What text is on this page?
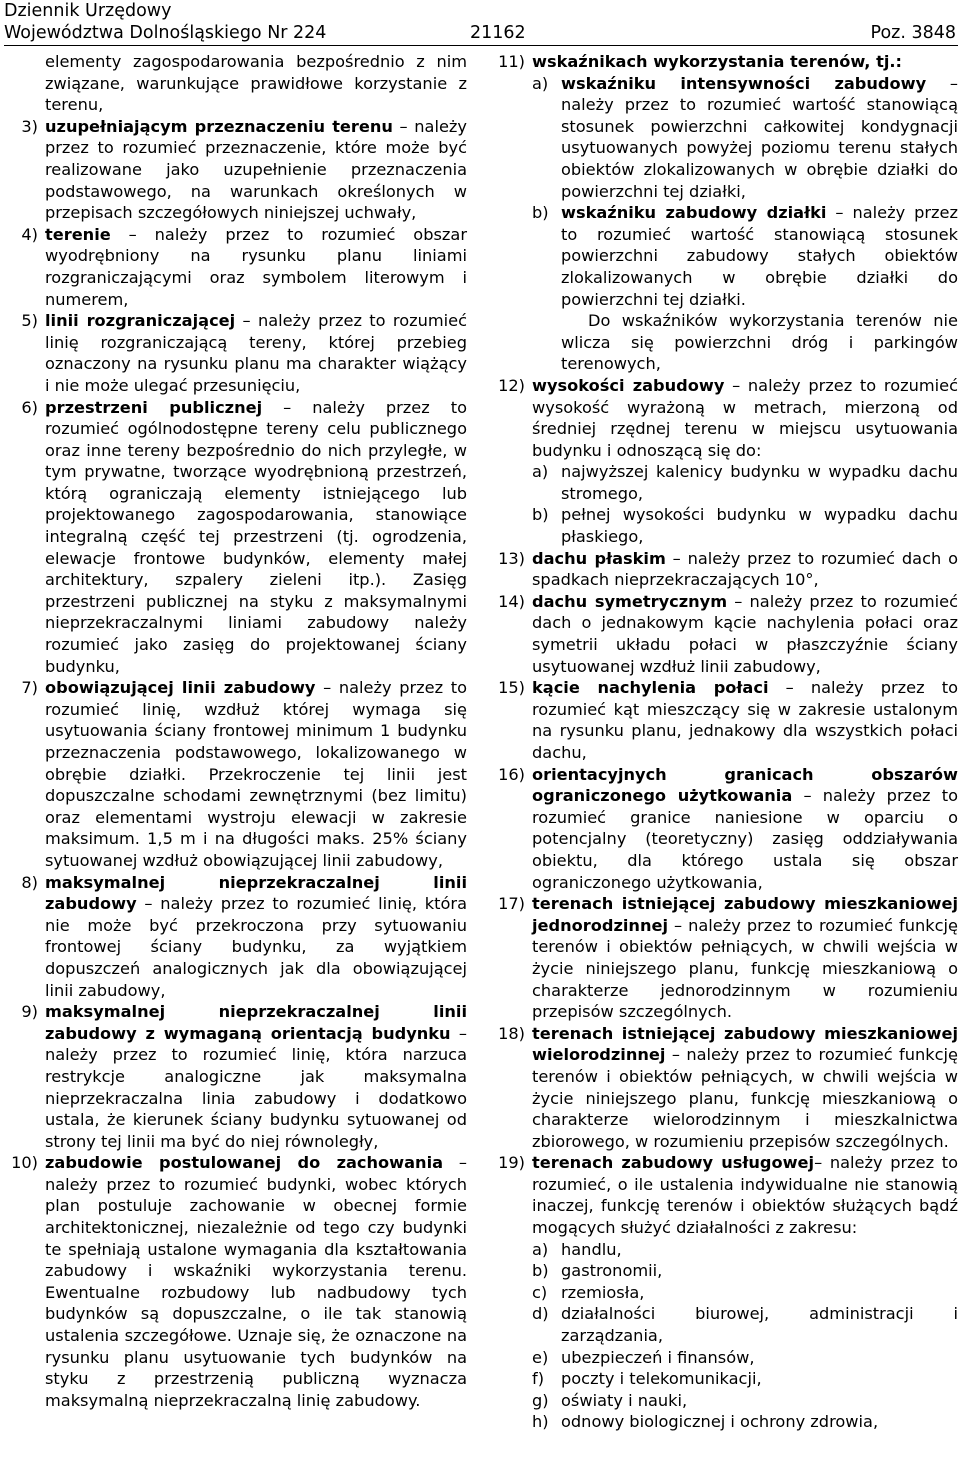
Dziennik Urzędowy
Województwa Dolnośląskiego Nr 224	21162	Poz. 3848

elementy zagospodarowania bezpośrednio z nim związane, warunkujące prawidłowe korzystanie z terenu,

3) uzupełniającym przeznaczeniu terenu – należy przez to rozumieć przeznaczenie, które może być realizowane jako uzupełnienie przeznaczenia podstawowego, na warunkach określonych w przepisach szczegółowych niniejszej uchwały,
4) terenie – należy przez to rozumieć obszar wyodrębniony na rysunku planu liniami rozgraniczającymi oraz symbolem literowym i numerem,
5) linii rozgraniczającej – należy przez to rozumieć linię rozgraniczającą tereny, której przebieg oznaczony na rysunku planu ma charakter wiążący i nie może ulegać przesunięciu,
6) przestrzeni publicznej – należy przez to rozumieć ogólnodostępne tereny celu publicznego oraz inne tereny bezpośrednio do nich przyległe, w tym prywatne, tworzące wyodrębnioną przestrzeń, którą ograniczają elementy istniejącego lub projektowanego zagospodarowania, stanowiące integralną część tej przestrzeni (tj. ogrodzenia, elewacje frontowe budynków, elementy małej architektury, szpalery zieleni itp.). Zasięg przestrzeni publicznej na styku z maksymalnymi nieprzekraczalnymi liniami zabudowy należy rozumieć jako zasięg do projektowanej ściany budynku,
7) obowiązującej linii zabudowy – należy przez to rozumieć linię, wzdłuż której wymaga się usytuowania ściany frontowej minimum 1 budynku przeznaczenia podstawowego, lokalizowanego w obrębie działki. Przekroczenie tej linii jest dopuszczalne schodami zewnętrznymi (bez limitu) oraz elementami wystroju elewacji w zakresie maksimum. 1,5 m i na długości maks. 25% ściany sytuowanej wzdłuż obowiązującej linii zabudowy,
8) maksymalnej nieprzekraczalnej linii zabudowy – należy przez to rozumieć linię, która nie może być przekroczona przy sytuowaniu frontowej ściany budynku, za wyjątkiem dopuszczeń analogicznych jak dla obowiązującej linii zabudowy,
9) maksymalnej nieprzekraczalnej linii zabudowy z wymaganą orientacją budynku – należy przez to rozumieć linię, która narzuca restrykcje analogiczne jak maksymalna nieprzekraczalna linia zabudowy i dodatkowo ustala, że kierunek ściany budynku sytuowanej od strony tej linii ma być do niej równoległy,
10) zabudowie postulowanej do zachowania – należy przez to rozumieć budynki, wobec których plan postuluje zachowanie w obecnej formie architektonicznej, niezależnie od tego czy budynki te spełniają ustalone wymagania dla kształtowania zabudowy i wskaźniki wykorzystania terenu. Ewentualne rozbudowy lub nadbudowy tych budynków są dopuszczalne, o ile tak stanowią ustalenia szczegółowe. Uznaje się, że oznaczone na rysunku planu usytuowanie tych budynków na styku z przestrzenią publiczną wyznacza maksymalną nieprzekraczalną linię zabudowy.
11) wskaźnikach wykorzystania terenów, tj.:
a) wskaźniku intensywności zabudowy – należy przez to rozumieć wartość stanowiącą stosunek powierzchni całkowitej kondygnacji usytuowanych powyżej poziomu terenu stałych obiektów zlokalizowanych w obrębie działki do powierzchni tej działki,
b) wskaźniku zabudowy działki – należy przez to rozumieć wartość stanowiącą stosunek powierzchni zabudowy stałych obiektów zlokalizowanych w obrębie działki do powierzchni tej działki.

Do wskaźników wykorzystania terenów nie wlicza się powierzchni dróg i parkingów terenowych,

12) wysokości zabudowy – należy przez to rozumieć wysokość wyrażoną w metrach, mierzoną od średniej rzędnej terenu w miejscu usytuowania budynku i odnoszącą się do:
a) najwyższej kalenicy budynku w wypadku dachu stromego,
b) pełnej wysokości budynku w wypadku dachu płaskiego,
13) dachu płaskim – należy przez to rozumieć dach o spadkach nieprzekraczających 10°,
14) dachu symetrycznym – należy przez to rozumieć dach o jednakowym kącie nachylenia połaci oraz symetrii układu połaci w płaszczyźnie ściany usytuowanej wzdłuż linii zabudowy,
15) kącie nachylenia połaci – należy przez to rozumieć kąt mieszczący się w zakresie ustalonym na rysunku planu, jednakowy dla wszystkich połaci dachu,
16) orientacyjnych granicach obszarów ograniczonego użytkowania – należy przez to rozumieć granice naniesione w oparciu o potencjalny (teoretyczny) zasięg oddziaływania obiektu, dla którego ustala się obszar ograniczonego użytkowania,
17) terenach istniejącej zabudowy mieszkaniowej jednorodzinnej – należy przez to rozumieć funkcję terenów i obiektów pełniących, w chwili wejścia w życie niniejszego planu, funkcję mieszkaniową o charakterze jednorodzinnym w rozumieniu przepisów szczególnych.
18) terenach istniejącej zabudowy mieszkaniowej wielorodzinnej – należy przez to rozumieć funkcję terenów i obiektów pełniących, w chwili wejścia w życie niniejszego planu, funkcję mieszkaniową o charakterze wielorodzinnym i mieszkalnictwa zbiorowego, w rozumieniu przepisów szczególnych.
19) terenach zabudowy usługowej– należy przez to rozumieć, o ile ustalenia indywidualne nie stanowią inaczej, funkcję terenów i obiektów służących bądź mogących służyć działalności z zakresu:
a) handlu,
b) gastronomii,
c) rzemiosła,
d) działalności biurowej, administracji i zarządzania,
e) ubezpieczeń i finansów,
f) poczty i telekomunikacji,
g) oświaty i nauki,
h) odnowy biologicznej i ochrony zdrowia,
